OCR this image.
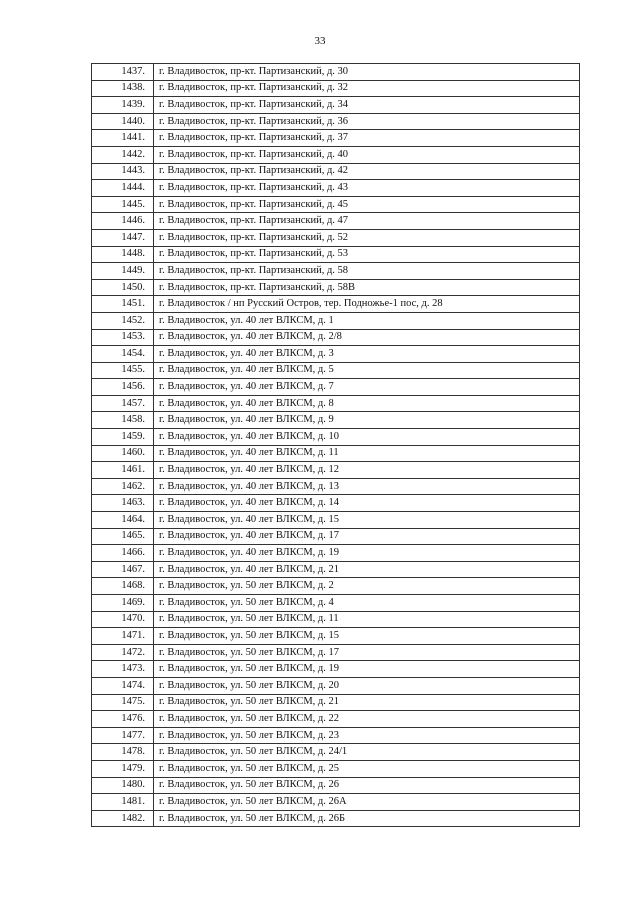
33
1437.	г. Владивосток, пр-кт. Партизанский, д. 30
1438.	г. Владивосток, пр-кт. Партизанский, д. 32
1439.	г. Владивосток, пр-кт. Партизанский, д. 34
1440.	г. Владивосток, пр-кт. Партизанский, д. 36
1441.	г. Владивосток, пр-кт. Партизанский, д. 37
1442.	г. Владивосток, пр-кт. Партизанский, д. 40
1443.	г. Владивосток, пр-кт. Партизанский, д. 42
1444.	г. Владивосток, пр-кт. Партизанский, д. 43
1445.	г. Владивосток, пр-кт. Партизанский, д. 45
1446.	г. Владивосток, пр-кт. Партизанский, д. 47
1447.	г. Владивосток, пр-кт. Партизанский, д. 52
1448.	г. Владивосток, пр-кт. Партизанский, д. 53
1449.	г. Владивосток, пр-кт. Партизанский, д. 58
1450.	г. Владивосток, пр-кт. Партизанский, д. 58В
1451.	г. Владивосток / нп Русский Остров, тер. Подножье-1 пос, д. 28
1452.	г. Владивосток, ул. 40 лет ВЛКСМ, д. 1
1453.	г. Владивосток, ул. 40 лет ВЛКСМ, д. 2/8
1454.	г. Владивосток, ул. 40 лет ВЛКСМ, д. 3
1455.	г. Владивосток, ул. 40 лет ВЛКСМ, д. 5
1456.	г. Владивосток, ул. 40 лет ВЛКСМ, д. 7
1457.	г. Владивосток, ул. 40 лет ВЛКСМ, д. 8
1458.	г. Владивосток, ул. 40 лет ВЛКСМ, д. 9
1459.	г. Владивосток, ул. 40 лет ВЛКСМ, д. 10
1460.	г. Владивосток, ул. 40 лет ВЛКСМ, д. 11
1461.	г. Владивосток, ул. 40 лет ВЛКСМ, д. 12
1462.	г. Владивосток, ул. 40 лет ВЛКСМ, д. 13
1463.	г. Владивосток, ул. 40 лет ВЛКСМ, д. 14
1464.	г. Владивосток, ул. 40 лет ВЛКСМ, д. 15
1465.	г. Владивосток, ул. 40 лет ВЛКСМ, д. 17
1466.	г. Владивосток, ул. 40 лет ВЛКСМ, д. 19
1467.	г. Владивосток, ул. 40 лет ВЛКСМ, д. 21
1468.	г. Владивосток, ул. 50 лет ВЛКСМ, д. 2
1469.	г. Владивосток, ул. 50 лет ВЛКСМ, д. 4
1470.	г. Владивосток, ул. 50 лет ВЛКСМ, д. 11
1471.	г. Владивосток, ул. 50 лет ВЛКСМ, д. 15
1472.	г. Владивосток, ул. 50 лет ВЛКСМ, д. 17
1473.	г. Владивосток, ул. 50 лет ВЛКСМ, д. 19
1474.	г. Владивосток, ул. 50 лет ВЛКСМ, д. 20
1475.	г. Владивосток, ул. 50 лет ВЛКСМ, д. 21
1476.	г. Владивосток, ул. 50 лет ВЛКСМ, д. 22
1477.	г. Владивосток, ул. 50 лет ВЛКСМ, д. 23
1478.	г. Владивосток, ул. 50 лет ВЛКСМ, д. 24/1
1479.	г. Владивосток, ул. 50 лет ВЛКСМ, д. 25
1480.	г. Владивосток, ул. 50 лет ВЛКСМ, д. 26
1481.	г. Владивосток, ул. 50 лет ВЛКСМ, д. 26А
1482.	г. Владивосток, ул. 50 лет ВЛКСМ, д. 26Б
